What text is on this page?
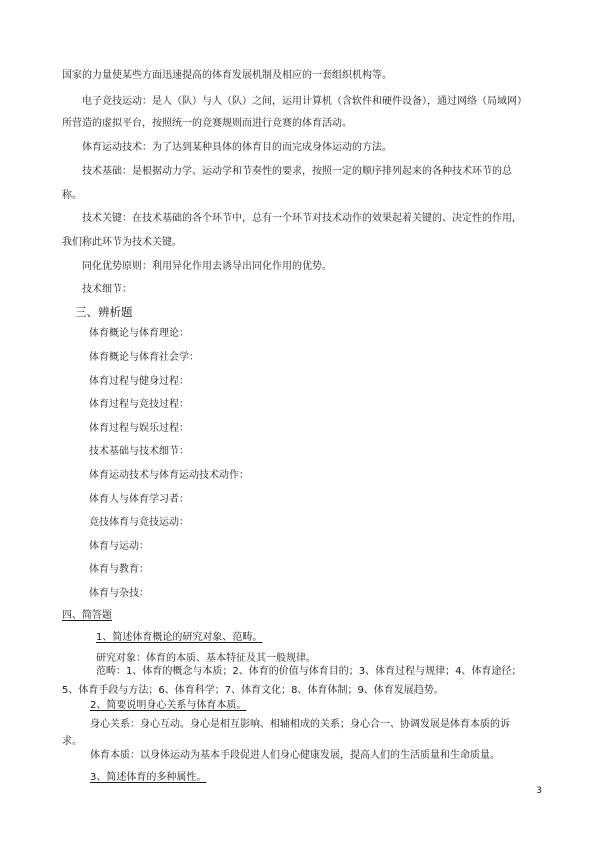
国家的力量使某些方面迅速提高的体育发展机制及相应的一套组织机构等。

电子竞技运动：是人（队）与人（队）之间，运用计算机（含软件和硬件设备），通过网络（局域网）

所营造的虚拟平台，按照统一的竞赛规则而进行竞赛的体育活动。

体育运动技术：为了达到某种具体的体育目的而完成身体运动的方法。

技术基础：是根据动力学、运动学和节奏性的要求，按照一定的顺序排列起来的各种技术环节的总

称。

技术关键：在技术基础的各个环节中，总有一个环节对技术动作的效果起着关键的、决定性的作用，

我们称此环节为技术关键。

同化优势原则：利用异化作用去诱导出同化作用的优势。

技术细节：

三、辨析题

体育概论与体育理论：

体育概论与体育社会学：

体育过程与健身过程：

体育过程与竞技过程：

体育过程与娱乐过程：

技术基础与技术细节：

体育运动技术与体育运动技术动作：

体育人与体育学习者：

竞技体育与竞技运动：

体育与运动：

体育与教育：

体育与杂技：

四、简答题

1、简述体育概论的研究对象、范畴。

研究对象：体育的本质、基本特征及其一般规律。

范畴：1、体育的概念与本质；2、体育的价值与体育目的；3、体育过程与规律；4、体育途径；

5、体育手段与方法；6、体育科学；7、体育文化；8、体育体制；9、体育发展趋势。

2、简要说明身心关系与体育本质。

身心关系：身心互动。身心是相互影响、相辅相成的关系；身心合一、协调发展是体育本质的诉

求。

体育本质：以身体运动为基本手段促进人们身心健康发展，提高人们的生活质量和生命质量。

3、简述体育的多种属性。

3
